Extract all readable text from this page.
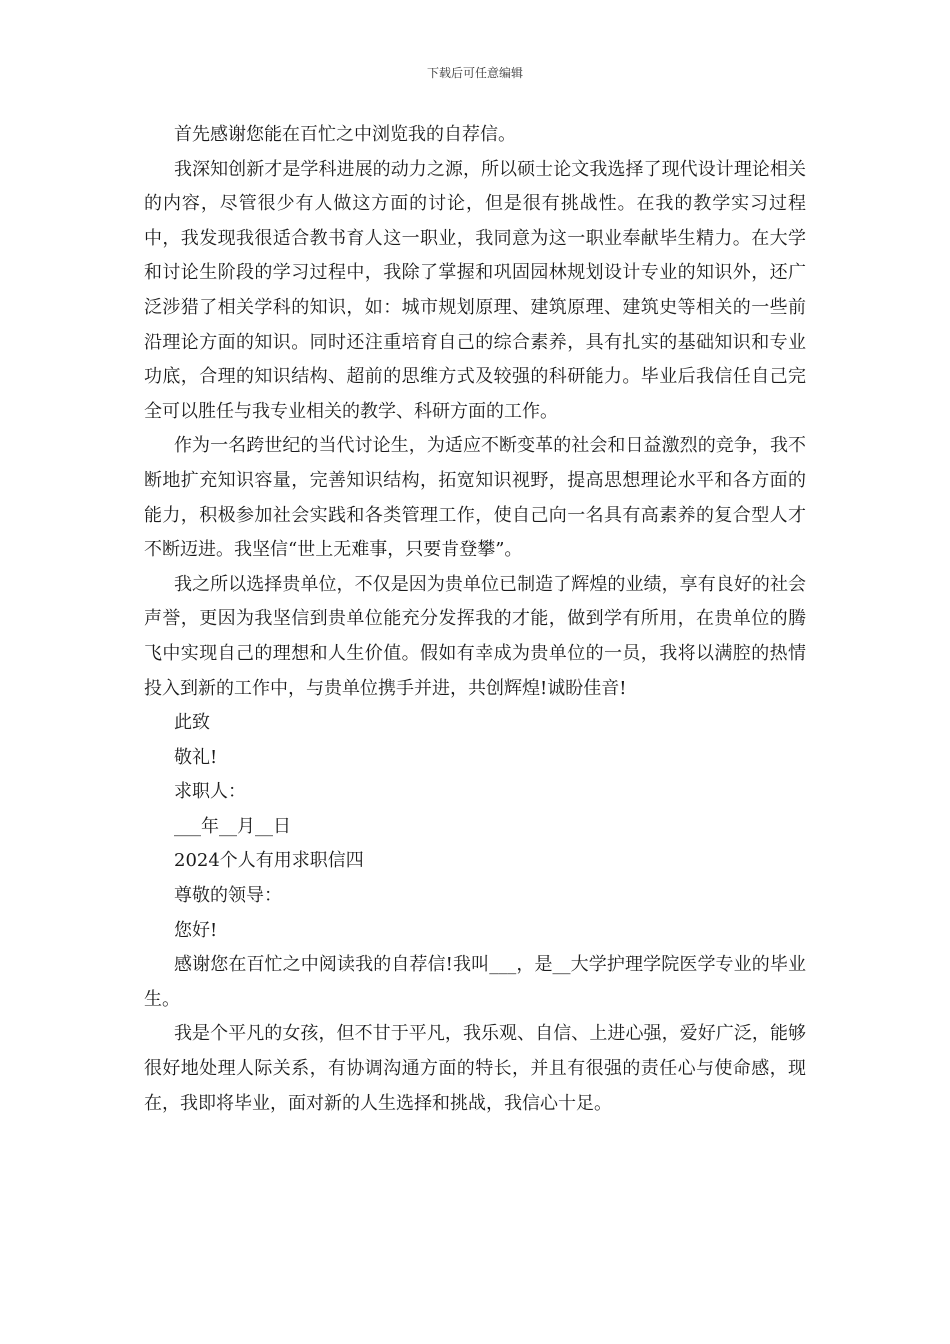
下载后可任意编辑

首先感谢您能在百忙之中浏览我的自荐信。

我深知创新才是学科进展的动力之源，所以硕士论文我选择了现代设计理论相关的内容，尽管很少有人做这方面的讨论，但是很有挑战性。在我的教学实习过程中，我发现我很适合教书育人这一职业，我同意为这一职业奉献毕生精力。在大学和讨论生阶段的学习过程中，我除了掌握和巩固园林规划设计专业的知识外，还广泛涉猎了相关学科的知识，如：城市规划原理、建筑原理、建筑史等相关的一些前沿理论方面的知识。同时还注重培育自己的综合素养，具有扎实的基础知识和专业功底，合理的知识结构、超前的思维方式及较强的科研能力。毕业后我信任自己完全可以胜任与我专业相关的教学、科研方面的工作。

作为一名跨世纪的当代讨论生，为适应不断变革的社会和日益激烈的竞争，我不断地扩充知识容量，完善知识结构，拓宽知识视野，提高思想理论水平和各方面的能力，积极参加社会实践和各类管理工作，使自己向一名具有高素养的复合型人才不断迈进。我坚信“世上无难事，只要肯登攀”。

我之所以选择贵单位，不仅是因为贵单位已制造了辉煌的业绩，享有良好的社会声誉，更因为我坚信到贵单位能充分发挥我的才能，做到学有所用，在贵单位的腾飞中实现自己的理想和人生价值。假如有幸成为贵单位的一员，我将以满腔的热情投入到新的工作中，与贵单位携手并进，共创辉煌!诚盼佳音!

此致

敬礼!

求职人：

___年__月__日

2024个人有用求职信四

尊敬的领导：

您好!

感谢您在百忙之中阅读我的自荐信!我叫___，是__大学护理学院医学专业的毕业生。

我是个平凡的女孩，但不甘于平凡，我乐观、自信、上进心强，爱好广泛，能够很好地处理人际关系，有协调沟通方面的特长，并且有很强的责任心与使命感，现在，我即将毕业，面对新的人生选择和挑战，我信心十足。
